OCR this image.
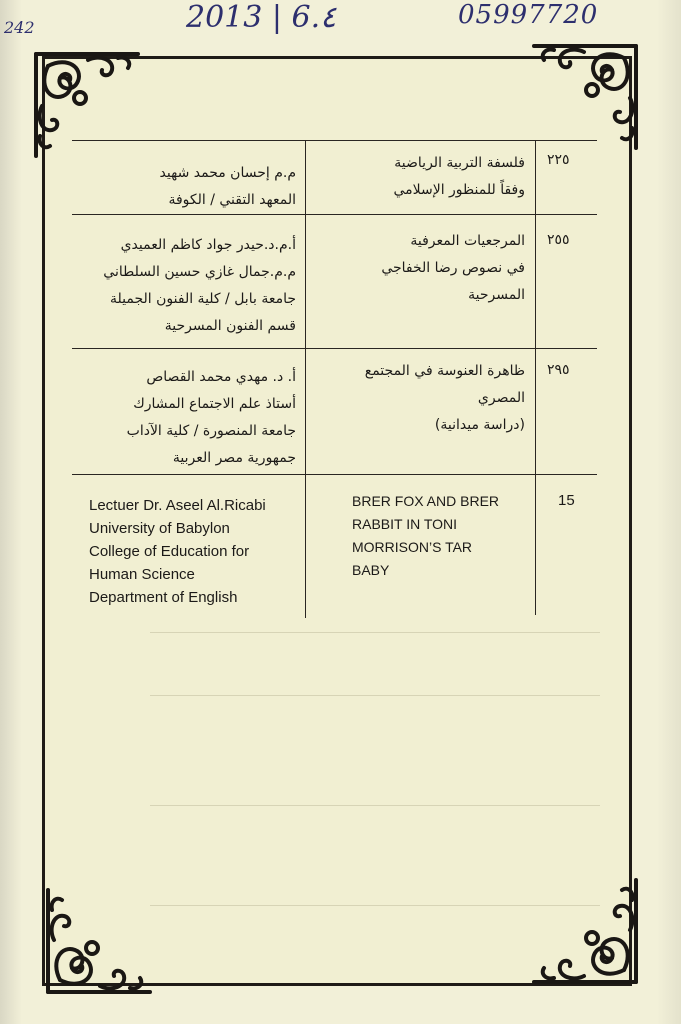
242	2013 | 6.٤	05997720
٢٢٥
فلسفة التربية الرياضية
وفقاً للمنظور الإسلامي
م.م إحسان محمد شهيد
المعهد التقني / الكوفة
٢٥٥
المرجعيات المعرفية
في نصوص رضا الخفاجي
المسرحية
أ.م.د.حيدر جواد كاظم العميدي
م.م.جمال غازي حسين السلطاني
جامعة بابل / كلية الفنون الجميلة
قسم الفنون المسرحية
٢٩٥
ظاهرة العنوسة في المجتمع
المصري
(دراسة ميدانية)
أ. د. مهدي محمد القصاص
أستاذ علم الاجتماع المشارك
جامعة المنصورة / كلية الآداب
جمهورية مصر العربية
15
BRER FOX AND BRER
RABBIT IN TONI
MORRISON’S TAR
BABY
Lectuer Dr. Aseel Al.Ricabi
University of Babylon
College of Education for
Human Science
Department of English
